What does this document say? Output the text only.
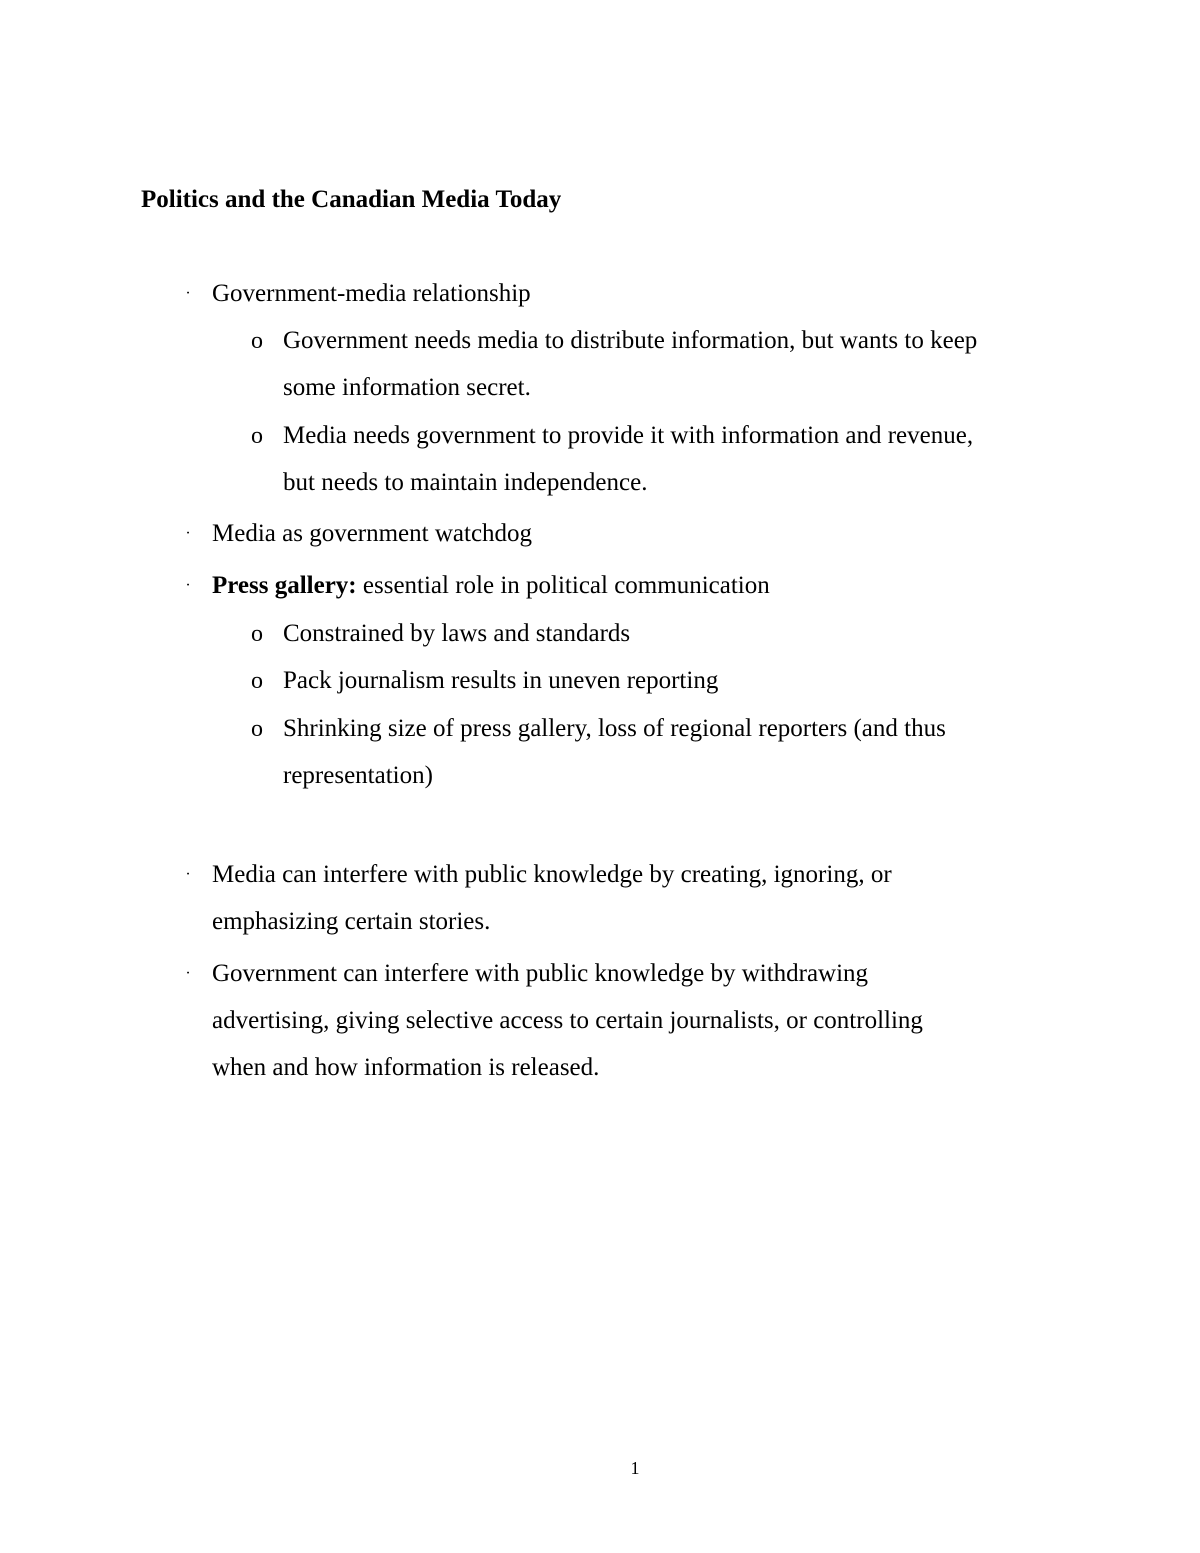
Politics and the Canadian Media Today
· Government-media relationship
o Government needs media to distribute information, but wants to keep
some information secret.
o Media needs government to provide it with information and revenue,
but needs to maintain independence.
· Media as government watchdog
· Press gallery: essential role in political communication
o Constrained by laws and standards
o Pack journalism results in uneven reporting
o Shrinking size of press gallery, loss of regional reporters (and thus
representation)
· Media can interfere with public knowledge by creating, ignoring, or
emphasizing certain stories.
· Government can interfere with public knowledge by withdrawing
advertising, giving selective access to certain journalists, or controlling
when and how information is released.
1
